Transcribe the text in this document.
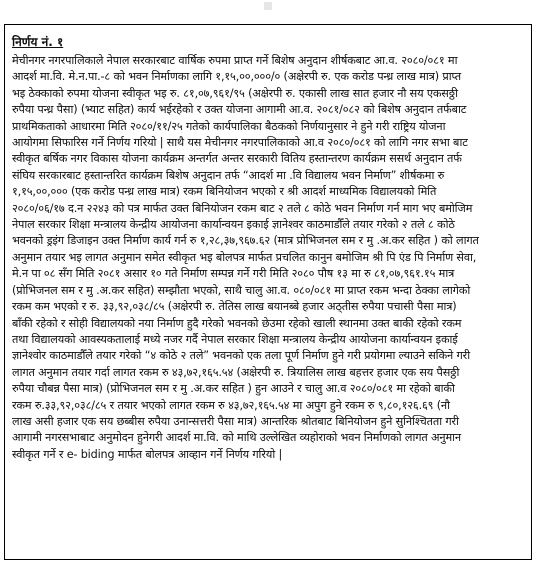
निर्णय नं. १
मेचीनगर नगरपालिकाले नेपाल सरकारबाट वार्षिक रुपमा प्राप्त गर्ने बिशेष अनुदान शीर्षकबाट आ.व. २०८०/०८१ मा
आदर्श मा.वि. मे.न.पा.-८ को भवन निर्माणका लागि १,१५,००,०००/० (अक्षेरपी रु. एक करोड पन्ध्र लाख मात्र) प्राप्त
भइ ठेक्काको रुपमा योजना स्वीकृत भइ रु. ८१,०७,९६१/९५ (अक्षेरपी रु. एकासी लाख सात हजार नौ सय एकसठ्ठी
रुपैया पन्ध्र पैसा) (भ्याट सहित) कार्य भईरहेको र उक्त योजना आगामी आ.व. २०८१/०८२ को बिशेष अनुदान तर्फबाट
प्राथमिकताको आधारमा मिति २०८०/११/२५ गतेको कार्यपालिका बैठकको निर्णयानुसार ने हुने गरी राष्ट्रिय योजना
आयोगमा सिफारिस गर्ने निर्णय गरियो | साथै यस मेचीनगर नगरपालिकाको आ.व २०८०/०८१ को लागि नगर सभा बाट
स्वीकृत बर्षिक नगर विकास योजना कार्यक्रम अन्तर्गत अन्तर सरकारी वितिय हस्तान्तरण कार्यक्रम ससर्थ अनुदान तर्फ
संघिय सरकारबाट हस्तान्तरित कार्यक्रम बिशेष अनुदान तर्फ “आदर्श मा .वि विद्यालय भवन निर्माण” शीर्षकमा रु
१,१५,००,००० (एक करोड पन्ध्र लाख मात्र) रकम बिनियोजन भएको र श्री आदर्श माध्यमिक विद्यालयको मिति
२०८०/०६/१७ द.न २२४३ को पत्र मार्फत उक्त बिनियोजन रकम बाट २ तले ८ कोठे भवन निर्माण गर्न माग भए बमोजिम
नेपाल सरकार शिक्षा मन्त्रालय केन्द्रीय आयोजना कार्यान्वयन इकाई ज्ञानेश्वर काठमाडौँले तयार गरेको २ तले ८ कोठे
भवनको ड्रइंग डिजाइन उक्त निर्माण कार्य गर्न रु १,२८,३७,९६७.६२ (मात्र प्रोभिजनल सम र मु .अ.कर सहित ) को लागत
अनुमान तयार भइ लागत अनुमान समेत स्वीकृत भइ बोलपत्र मार्फत प्रचलित कानुन बमोजिम श्री पि एंड पि निर्माण सेवा,
मे.न पा ०८ सँग मिति २०८१ असार १० गते निर्माण सम्पन्न गर्ने गरी मिति २०८० पौष १३ मा रु ८१,०७,९६१.१५ मात्र
(प्रोभिजनल सम र मु .अ.कर सहित) सम्झौता भएको, साथै चालु आ.व. ०८०/०८१ मा प्राप्त रकम भन्दा ठेक्का लागेको
रकम कम भएको र रु. ३३,९२,०३८/८५ (अक्षेरपी रु. तेतिस लाख बयानब्बे हजार अठ्तीस रुपैया पचासी पैसा मात्र)
बाँकी रहेको र सोही विद्यालयको नया निर्माण हुदै गरेको भवनको छेउमा रहेको खाली स्थानमा उक्त बाकी रहेको रकम
तथा विद्यालयको आवस्यकतालाई मध्ये नजर गर्दै नेपाल सरकार शिक्षा मन्त्रालय केन्द्रीय आयोजना कार्यान्वयन इकाई
ज्ञानेश्वोर काठमाडौँले तयार गरेको “४ कोठे २ तले” भवनको एक तला पूर्ण निर्माण हुने गरी प्रयोगमा ल्याउने सकिने गरी
लागत अनुमान तयार गर्दा लागत रकम रु ४३,७२,१६५.५४ (अक्षेरपी रु. त्रियालिस लाख बहत्तर हजार एक सय पैसठ्ठी
रुपैया चौबन्न पैसा मात्र) (प्रोभिजनल सम र मु .अ.कर सहित ) हुन आउने र चालु आ.व २०८०/०८१ मा रहेको बाकी
रकम रु.३३,९२,०३८/८५ र तयार भएको लागत रकम रु ४३,७२,१६५.५४ मा अपुग हुने रकम रु ९,८०,१२६.६९ (नौ
लाख असी हजार एक सय छब्बीस रुपैया उनान्सत्तरी पैसा मात्र) आन्तरिक श्रोतबाट बिनियोजन हुने सुनिश्चितता गरी
आगामी नगरसभाबाट अनुमोदन हुनेगरी आदर्श मा.वि. को माथि उल्लेखित व्यहोराको भवन निर्माणको लागत अनुमान
स्वीकृत गर्ने र e- biding मार्फत बोलपत्र आव्हान गर्ने निर्णय गरियो |
